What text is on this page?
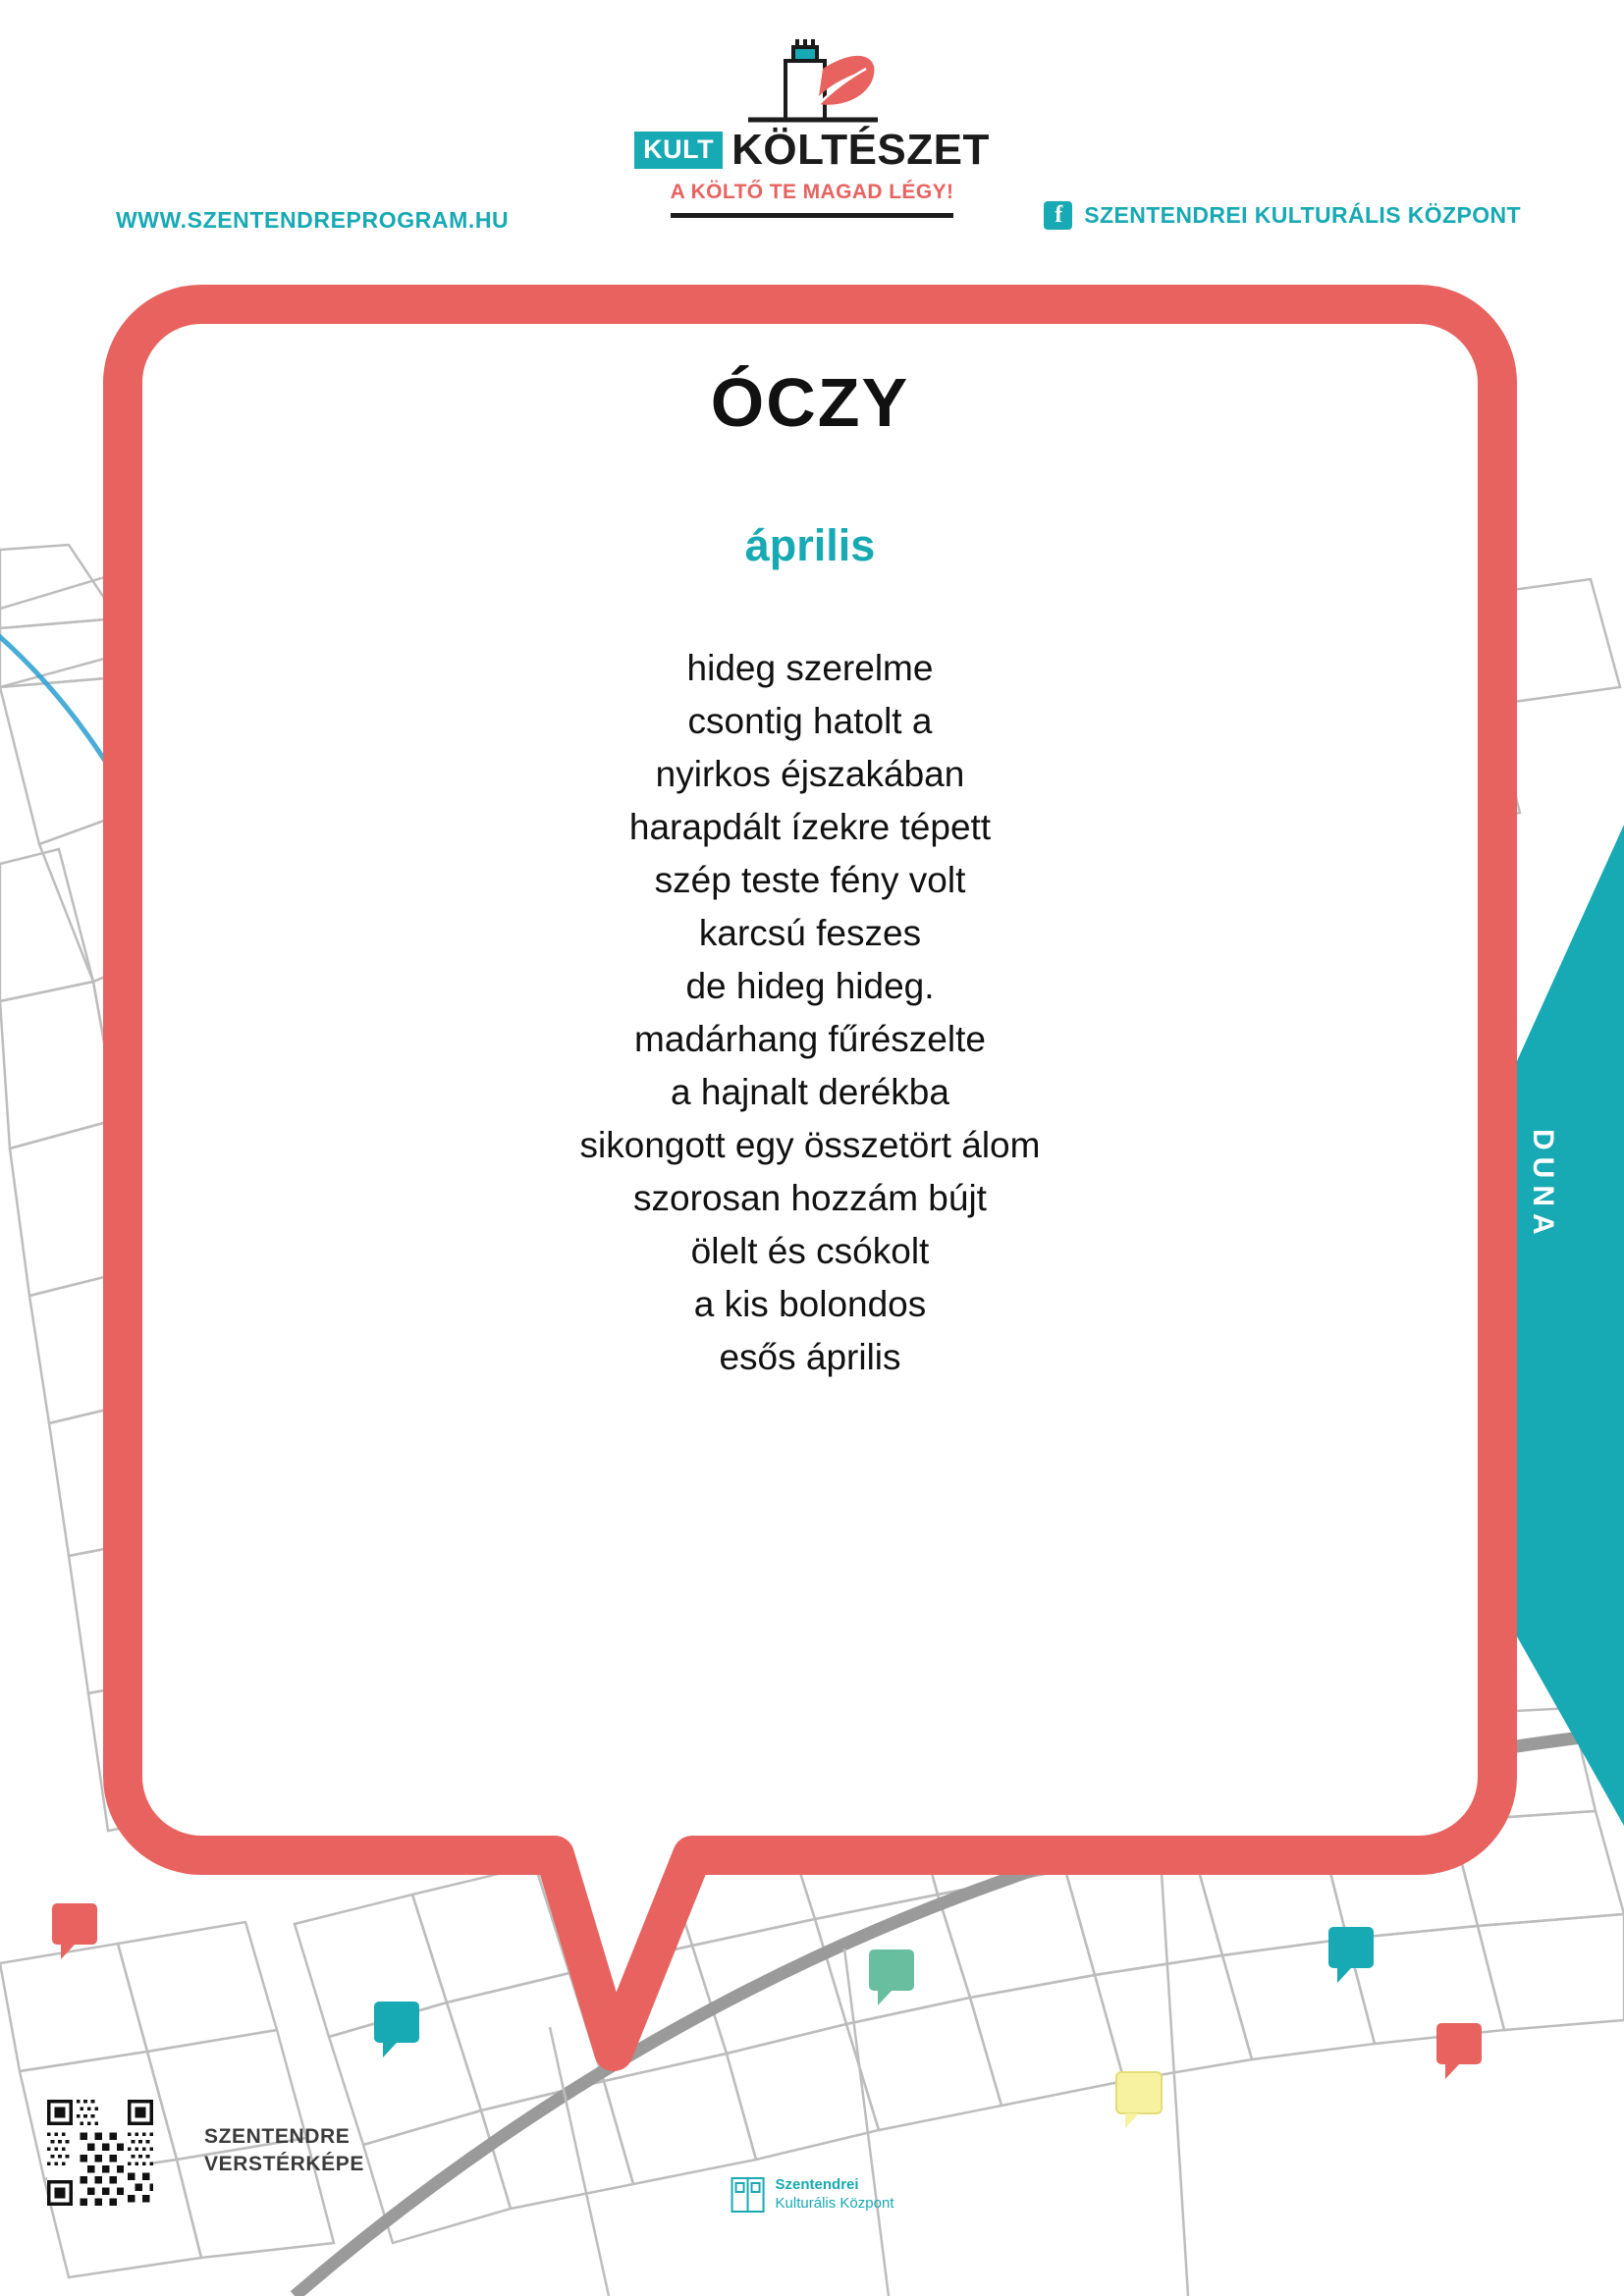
DUNA
WWW.SZENTENDREPROGRAM.HU f	SZENTENDREI KULTURÁLIS KÖZPONT
KULT KÖLTÉSZET
A KÖLTŐ TE MAGAD LÉGY!
ÓCZY
április
hideg szerelme
csontig hatolt a
nyirkos éjszakában
harapdált ízekre tépett
szép teste fény volt
karcsú feszes
de hideg hideg.
madárhang fűrészelte
a hajnalt derékba
sikongott egy összetört álom
szorosan hozzám bújt
ölelt és csókolt
a kis bolondos
esős április
SZENTENDRE
VERSTÉRKÉPE
Szentendrei
Kulturális Központ
